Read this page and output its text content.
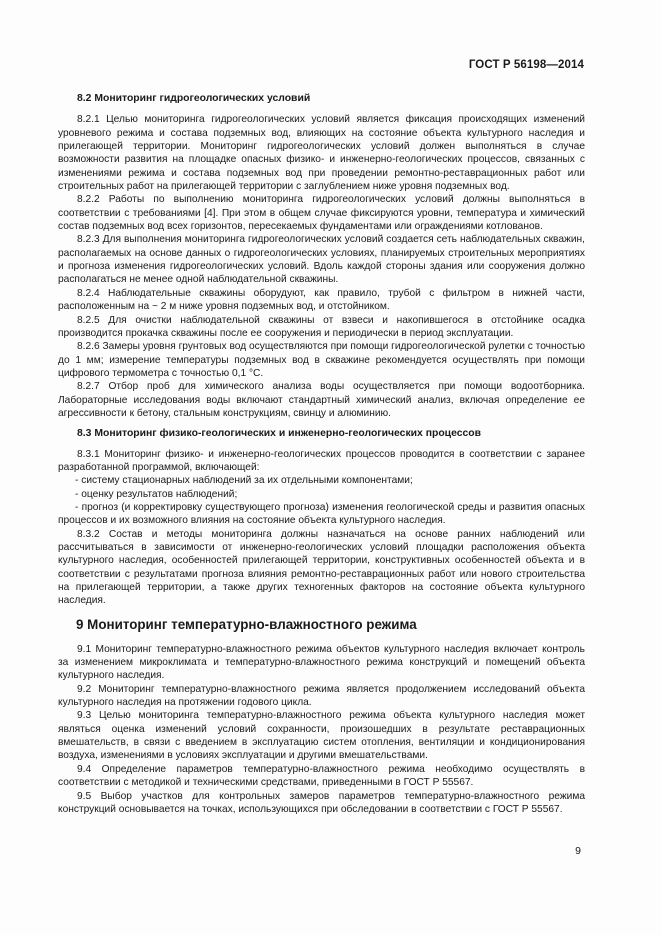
ГОСТ Р 56198—2014
8.2 Мониторинг гидрогеологических условий

8.2.1 Целью мониторинга гидрогеологических условий является фиксация происходящих изменений уровневого режима и состава подземных вод, влияющих на состояние объекта культурного наследия и прилегающей территории. Мониторинг гидрогеологических условий должен выполняться в случае возможности развития на площадке опасных физико- и инженерно-геологических процессов, связанных с изменениями режима и состава подземных вод при проведении ремонтно-реставрационных работ или строительных работ на прилегающей территории с заглублением ниже уровня подземных вод.

8.2.2 Работы по выполнению мониторинга гидрогеологических условий должны выполняться в соответствии с требованиями [4]. При этом в общем случае фиксируются уровни, температура и химический состав подземных вод всех горизонтов, пересекаемых фундаментами или ограждениями котлованов.

8.2.3 Для выполнения мониторинга гидрогеологических условий создается сеть наблюдательных скважин, располагаемых на основе данных о гидрогеологических условиях, планируемых строительных мероприятиях и прогноза изменения гидрогеологических условий. Вдоль каждой стороны здания или сооружения должно располагаться не менее одной наблюдательной скважины.

8.2.4 Наблюдательные скважины оборудуют, как правило, трубой с фильтром в нижней части, расположенным на ~ 2 м ниже уровня подземных вод, и отстойником.

8.2.5 Для очистки наблюдательной скважины от взвеси и накопившегося в отстойнике осадка производится прокачка скважины после ее сооружения и периодически в период эксплуатации.

8.2.6 Замеры уровня грунтовых вод осуществляются при помощи гидрогеологической рулетки с точностью до 1 мм; измерение температуры подземных вод в скважине рекомендуется осуществлять при помощи цифрового термометра с точностью 0,1 °С.

8.2.7 Отбор проб для химического анализа воды осуществляется при помощи водоотборника. Лабораторные исследования воды включают стандартный химический анализ, включая определение ее агрессивности к бетону, стальным конструкциям, свинцу и алюминию.

8.3 Мониторинг физико-геологических и инженерно-геологических процессов

8.3.1 Мониторинг физико- и инженерно-геологических процессов проводится в соответствии с заранее разработанной программой, включающей:

- систему стационарных наблюдений за их отдельными компонентами;

- оценку результатов наблюдений;

- прогноз (и корректировку существующего прогноза) изменения геологической среды и развития опасных процессов и их возможного влияния на состояние объекта культурного наследия.

8.3.2 Состав и методы мониторинга должны назначаться на основе ранних наблюдений или рассчитываться в зависимости от инженерно-геологических условий площадки расположения объекта культурного наследия, особенностей прилегающей территории, конструктивных особенностей объекта и в соответствии с результатами прогноза влияния ремонтно-реставрационных работ или нового строительства на прилегающей территории, а также других техногенных факторов на состояние объекта культурного наследия.

9 Мониторинг температурно-влажностного режима

9.1 Мониторинг температурно-влажностного режима объектов культурного наследия включает контроль за изменением микроклимата и температурно-влажностного режима конструкций и помещений объекта культурного наследия.

9.2 Мониторинг температурно-влажностного режима является продолжением исследований объекта культурного наследия на протяжении годового цикла.

9.3 Целью мониторинга температурно-влажностного режима объекта культурного наследия может являться оценка изменений условий сохранности, произошедших в результате реставрационных вмешательств, в связи с введением в эксплуатацию систем отопления, вентиляции и кондиционирования воздуха, изменениями в условиях эксплуатации и другими вмешательствами.

9.4 Определение параметров температурно-влажностного режима необходимо осуществлять в соответствии с методикой и техническими средствами, приведенными в ГОСТ Р 55567.

9.5 Выбор участков для контрольных замеров параметров температурно-влажностного режима конструкций основывается на точках, использующихся при обследовании в соответствии с ГОСТ Р 55567.

9
